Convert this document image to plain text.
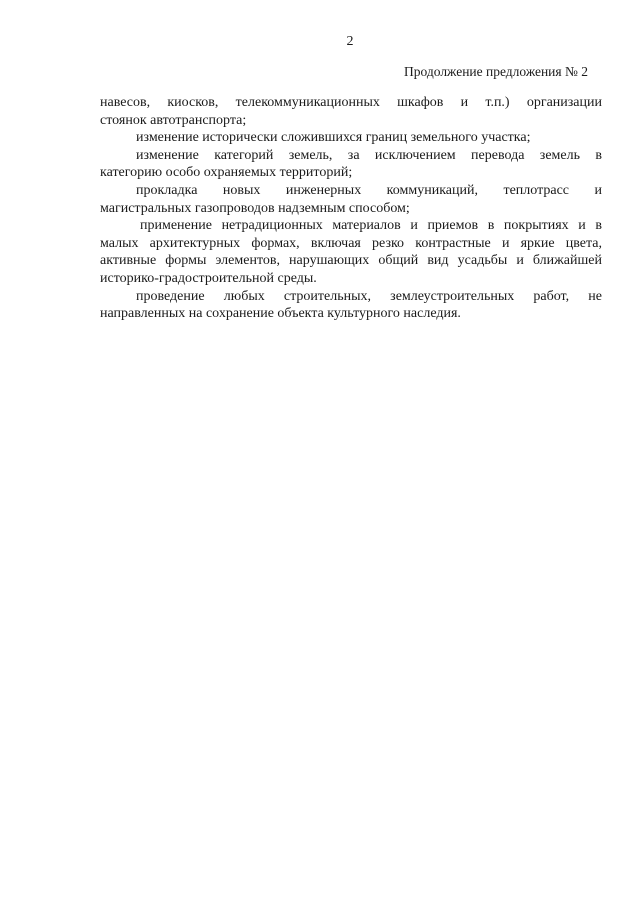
2
Продолжение предложения № 2

навесов, киосков, телекоммуникационных шкафов и т.п.) организации
стоянок автотранспорта;

изменение исторически сложившихся границ земельного участка;

изменение категорий земель, за исключением перевода земель в
категорию особо охраняемых территорий;

прокладка новых инженерных коммуникаций, теплотрасс и
магистральных газопроводов надземным способом;

применение нетрадиционных материалов и приемов в покрытиях и в
малых архитектурных формах, включая резко контрастные и яркие цвета,
активные формы элементов, нарушающих общий вид усадьбы и ближайшей
историко-градостроительной среды.

проведение любых строительных, землеустроительных работ, не
направленных на сохранение объекта культурного наследия.
